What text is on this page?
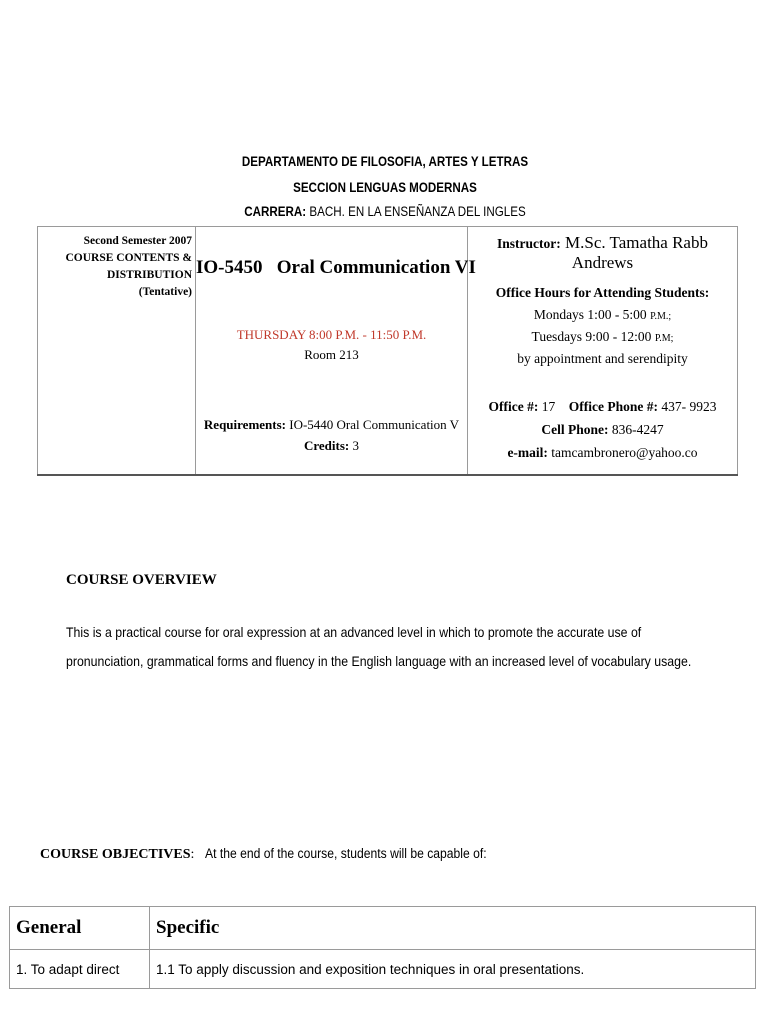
DEPARTAMENTO DE FILOSOFIA, ARTES Y LETRAS
SECCION LENGUAS MODERNAS
CARRERA: BACH. EN LA ENSEÑANZA DEL INGLES
Second Semester 2007
COURSE CONTENTS &
DISTRIBUTION
(Tentative)

IO-5450   Oral Communication VI
THURSDAY 8:00 P.M. - 11:50 P.M.
Room 213
Requirements: IO-5440 Oral Communication V
Credits: 3

Instructor: M.Sc. Tamatha Rabb Andrews
Office Hours for Attending Students:
Mondays 1:00 - 5:00 P.M.;
Tuesdays 9:00 - 12:00 P.M;
by appointment and serendipity
Office #: 17 Office Phone #: 437- 9923
Cell Phone: 836-4247
e-mail: tamcambronero@yahoo.co
COURSE OVERVIEW
This is a practical course for oral expression at an advanced level in which to promote the accurate use of pronunciation, grammatical forms and fluency in the English language with an increased level of vocabulary usage.
COURSE OBJECTIVES: At the end of the course, students will be capable of:
General	Specific
1. To adapt direct	1.1 To apply discussion and exposition techniques in oral presentations.
